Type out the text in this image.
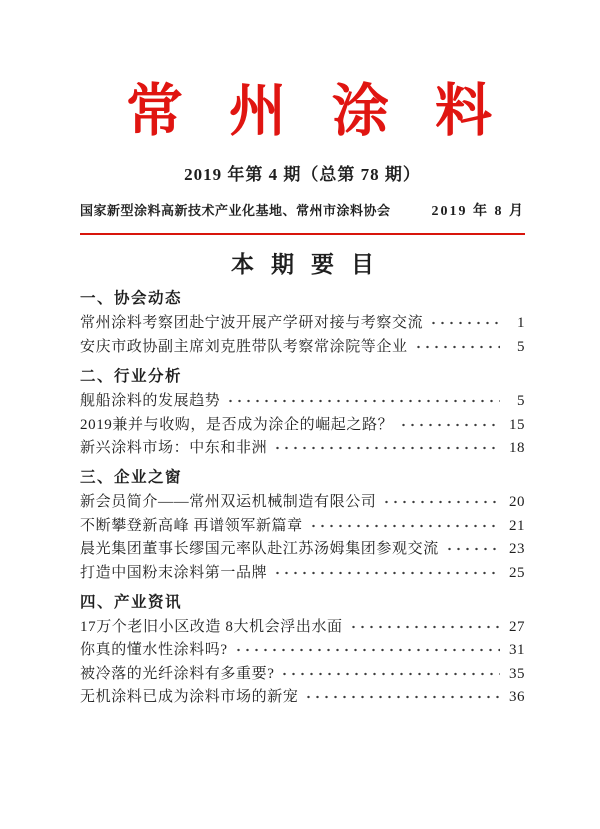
常州涂料

2019 年第 4 期（总第 78 期）

国家新型涂料高新技术产业化基地、常州市涂料协会	2019 年 8 月
本期要目
一、协会动态
常州涂料考察团赴宁波开展产学研对接与考察交流	1
安庆市政协副主席刘克胜带队考察常涂院等企业	5
二、行业分析
舰船涂料的发展趋势	5
2019兼并与收购，是否成为涂企的崛起之路？	15
新兴涂料市场：中东和非洲	18
三、企业之窗
新会员简介——常州双运机械制造有限公司	20
不断攀登新高峰 再谱领军新篇章	21
晨光集团董事长缪国元率队赴江苏汤姆集团参观交流	23
打造中国粉末涂料第一品牌	25
四、产业资讯
17万个老旧小区改造 8大机会浮出水面	27
你真的懂水性涂料吗?	31
被冷落的光纤涂料有多重要?	35
无机涂料已成为涂料市场的新宠	36
